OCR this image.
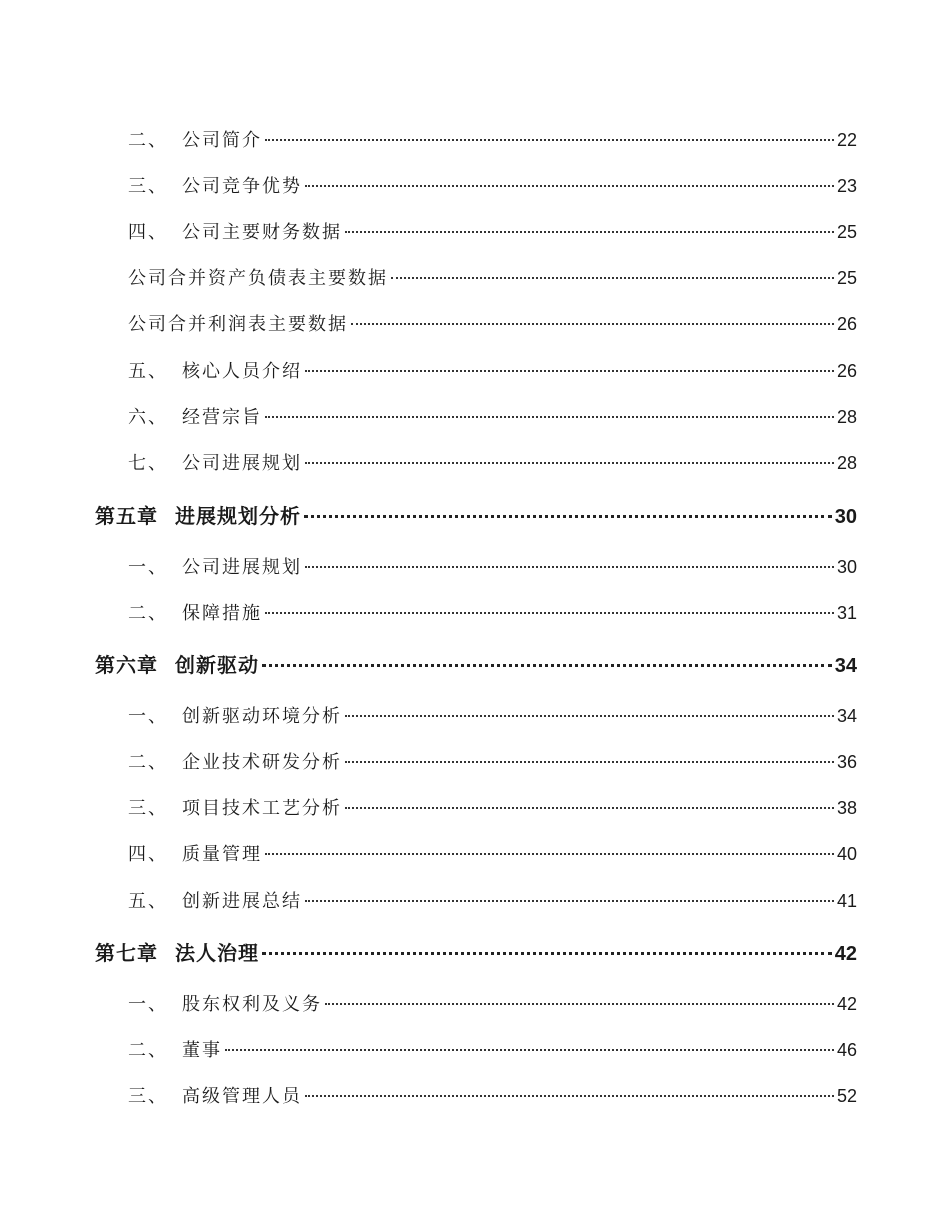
二、 公司简介	22
三、 公司竞争优势	23
四、 公司主要财务数据	25
公司合并资产负债表主要数据	25
公司合并利润表主要数据	26
五、 核心人员介绍	26
六、 经营宗旨	28
七、 公司进展规划	28
第五章 进展规划分析	30
一、 公司进展规划	30
二、 保障措施	31
第六章 创新驱动	34
一、 创新驱动环境分析	34
二、 企业技术研发分析	36
三、 项目技术工艺分析	38
四、 质量管理	40
五、 创新进展总结	41
第七章 法人治理	42
一、 股东权利及义务	42
二、 董事	46
三、 高级管理人员	52
